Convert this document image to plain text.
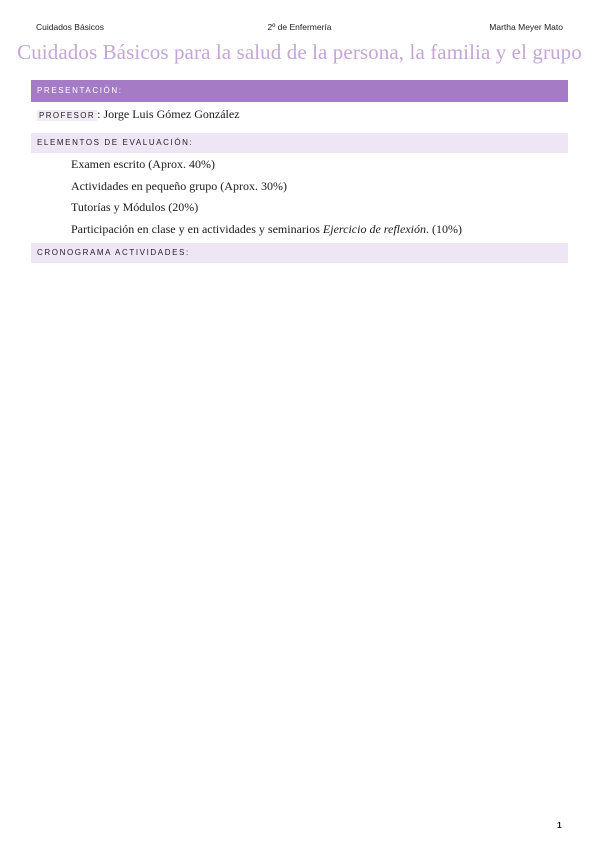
Cuidados Básicos	2º de Enfermería	Martha Meyer Mato
Cuidados Básicos para la salud de la persona, la familia y el grupo
PRESENTACIÓN:
PROFESOR : Jorge Luis Gómez González
ELEMENTOS DE EVALUACIÓN:
Examen escrito (Aprox. 40%)
Actividades en pequeño grupo (Aprox. 30%)
Tutorías y Módulos (20%)
Participación en clase y en actividades y seminarios Ejercicio de reflexión. (10%)
CRONOGRAMA ACTIVIDADES:
1
